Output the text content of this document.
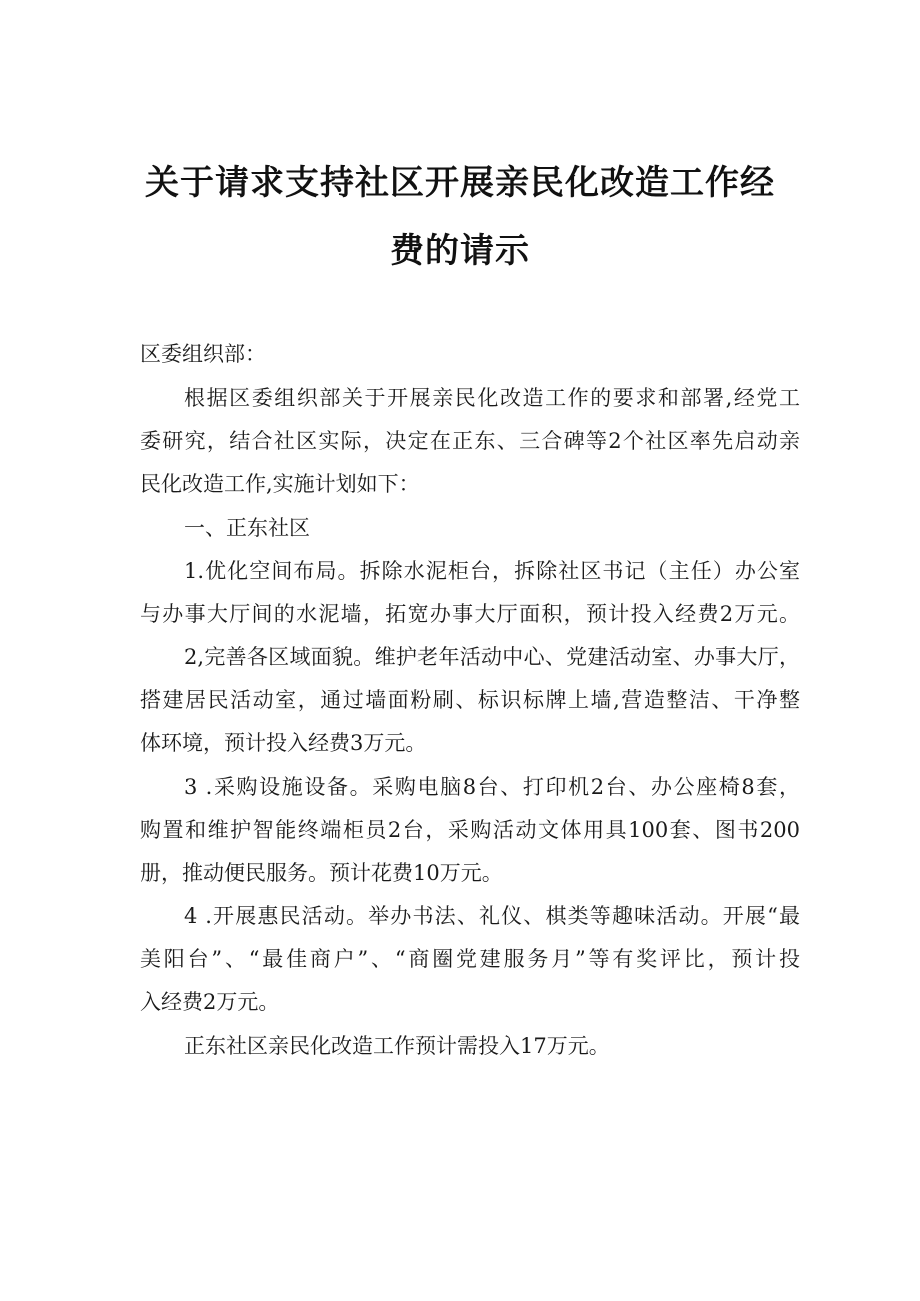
关于请求支持社区开展亲民化改造工作经
费的请示
区委组织部：
根据区委组织部关于开展亲民化改造工作的要求和部署,经党工
委研究，结合社区实际，决定在正东、三合碑等2个社区率先启动亲
民化改造工作,实施计划如下：
一、正东社区
1.优化空间布局。拆除水泥柜台，拆除社区书记（主任）办公室
与办事大厅间的水泥墙，拓宽办事大厅面积，预计投入经费2万元。
2,完善各区域面貌。维护老年活动中心、党建活动室、办事大厅，
搭建居民活动室，通过墙面粉刷、标识标牌上墙,营造整洁、干净整
体环境，预计投入经费3万元。
3 .采购设施设备。采购电脑8台、打印机2台、办公座椅8套，
购置和维护智能终端柜员2台，采购活动文体用具100套、图书200
册，推动便民服务。预计花费10万元。
4 .开展惠民活动。举办书法、礼仪、棋类等趣味活动。开展“最
美阳台”、“最佳商户”、“商圈党建服务月”等有奖评比，预计投
入经费2万元。
正东社区亲民化改造工作预计需投入17万元。
